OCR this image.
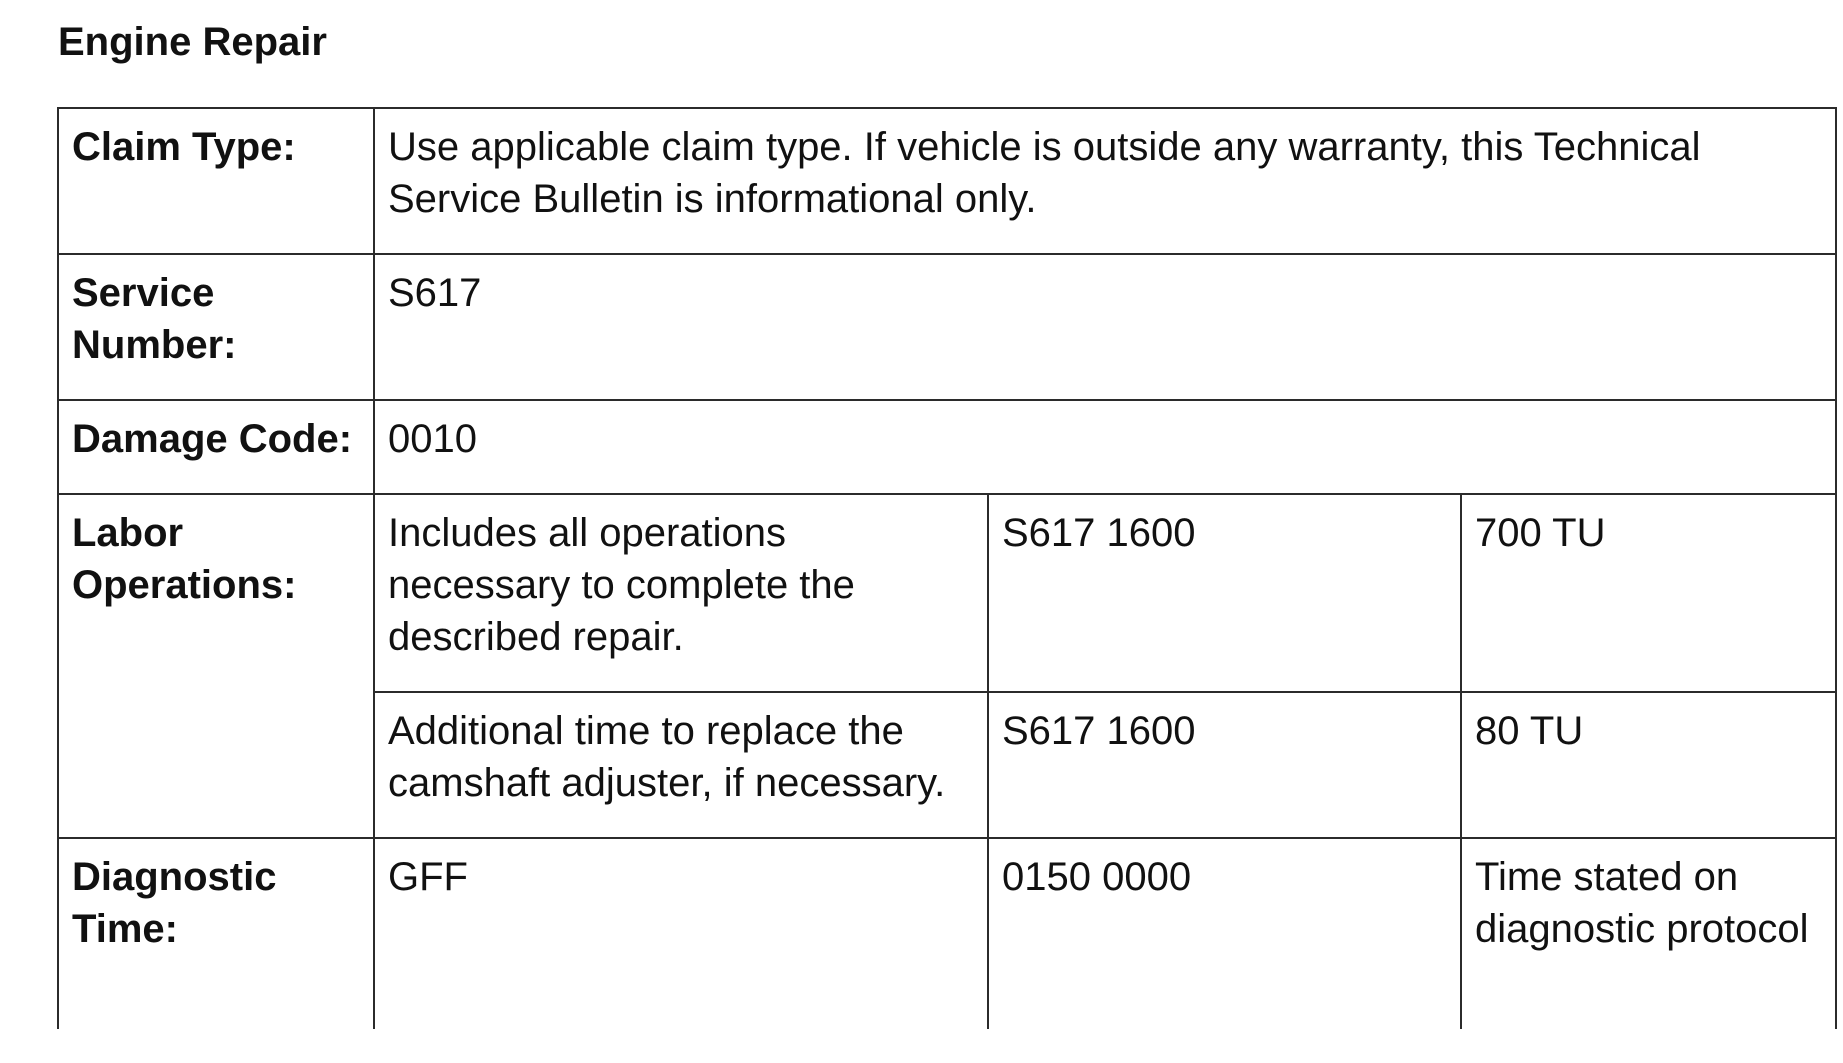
Engine Repair
Claim Type:	Use applicable claim type. If vehicle is outside any warranty, this Technical Service Bulletin is informational only.		
Service Number:	S617		
Damage Code:	0010		
Labor Operations:	Includes all operations necessary to complete the described repair.	S617 1600	700 TU
	Additional time to replace the camshaft adjuster, if necessary.	S617 1600	80 TU
Diagnostic Time:	GFF	0150 0000	Time stated on diagnostic protocol
